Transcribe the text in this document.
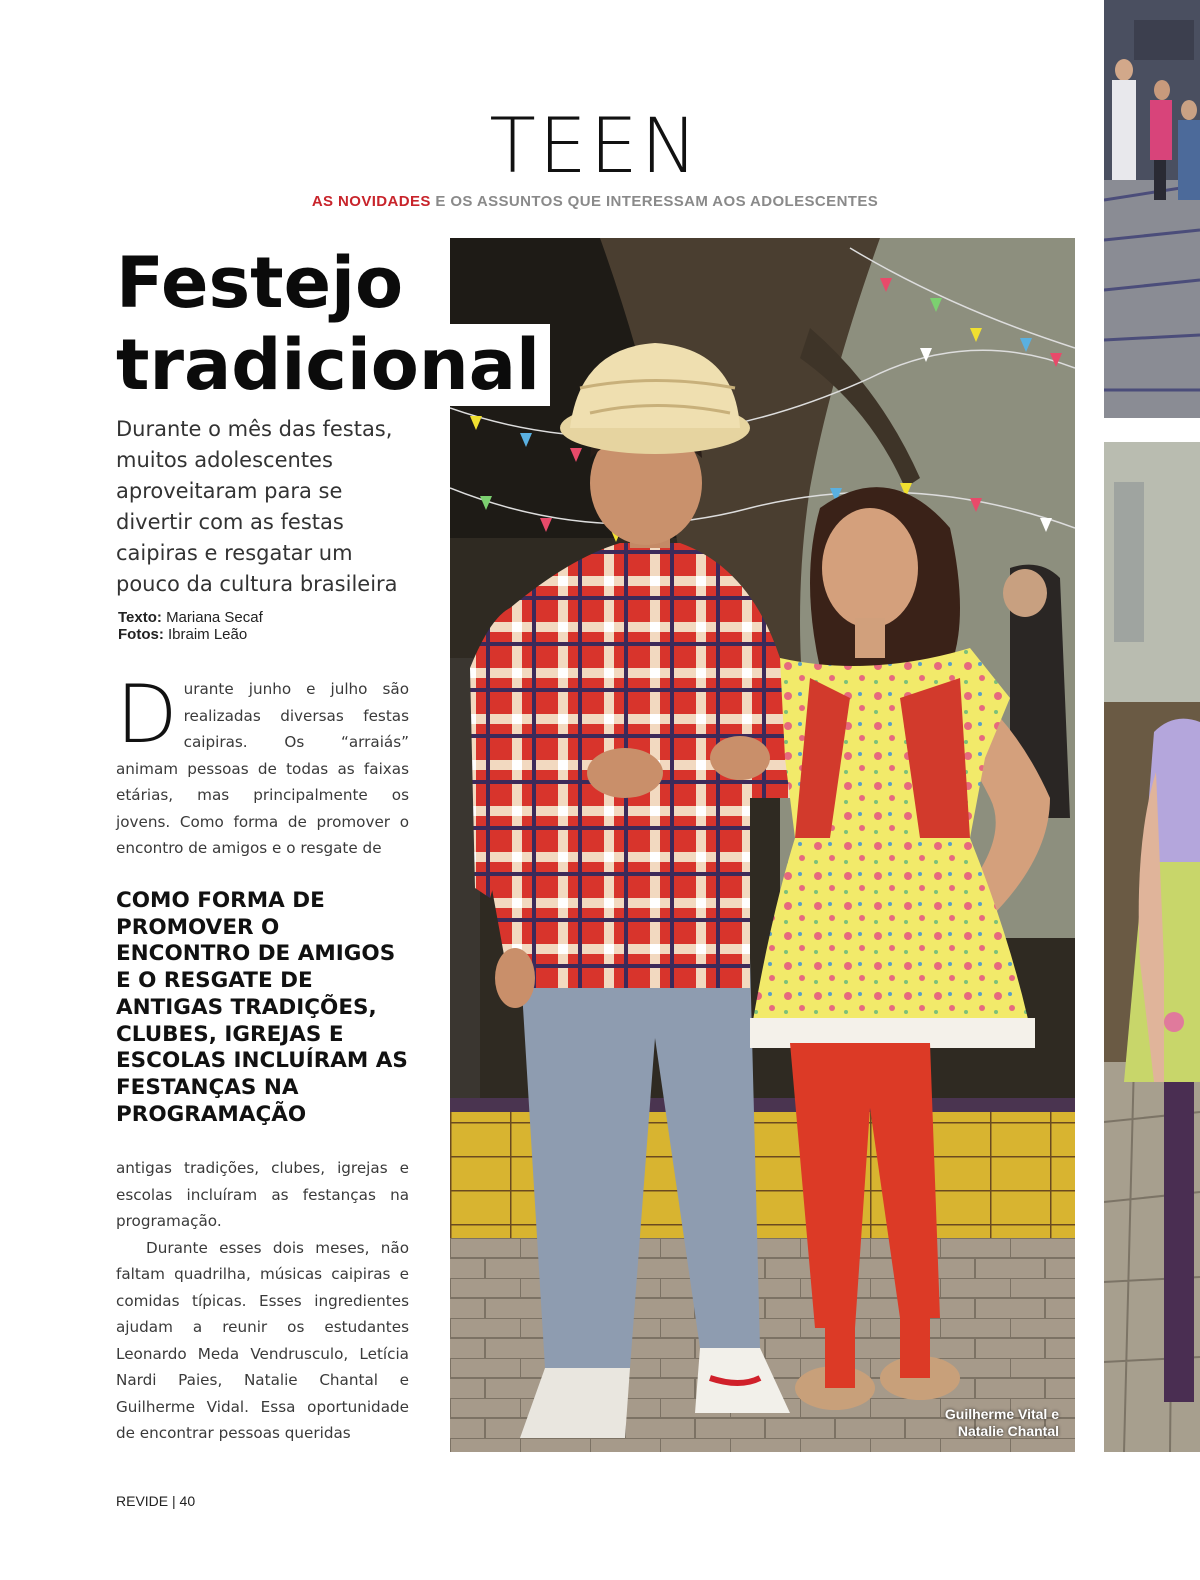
TEEN
AS NOVIDADES E OS ASSUNTOS QUE INTERESSAM AOS ADOLESCENTES
Guilherme Vital e
Natalie Chantal
Festejo
tradicional
Durante o mês das festas, muitos adolescentes aproveitaram para se divertir com as festas caipiras e resgatar um pouco da cultura brasileira
Texto: Mariana Secaf
Fotos: Ibraim Leão
Durante junho e julho são realizadas diversas festas caipiras. Os “arraiás” animam pessoas de todas as faixas etárias, mas principalmente os jovens. Como forma de promover o encontro de amigos e o resgate de
COMO FORMA DE PROMOVER O ENCONTRO DE AMIGOS E O RESGATE DE ANTIGAS TRADIÇÕES, CLUBES, IGREJAS E ESCOLAS INCLUÍRAM AS FESTANÇAS NA PROGRAMAÇÃO

antigas tradições, clubes, igrejas e escolas incluíram as festanças na programação.

Durante esses dois meses, não faltam quadrilha, músicas caipiras e comidas típicas. Esses ingredientes ajudam a reunir os estudantes Leonardo Meda Vendrusculo, Letícia Nardi Paies, Natalie Chantal e Guilherme Vidal. Essa oportunidade de encontrar pessoas queridas

REVIDE | 40
